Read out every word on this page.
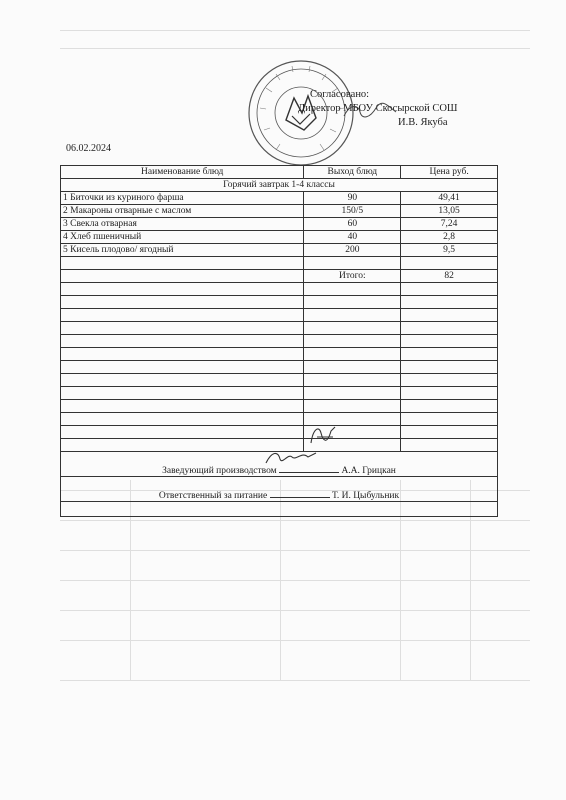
Согласовано:
Директор МБОУ Скосырской СОШ
И.В. Якуба
06.02.2024
Наименование блюд	Выход блюд	Цена руб.
Горячий завтрак 1-4 классы		
1 Биточки из куриного фарша	90	49,41
2 Макароны отварные с маслом	150/5	13,05
3 Свекла отварная	60	7,24
4 Хлеб пшеничный	40	2,8
5 Кисель плодово/ ягодный	200	9,5

	Итого:	82

Заведующий производством А.А. Грицкан		
Ответственный за питание Т. И. Цыбульник		
